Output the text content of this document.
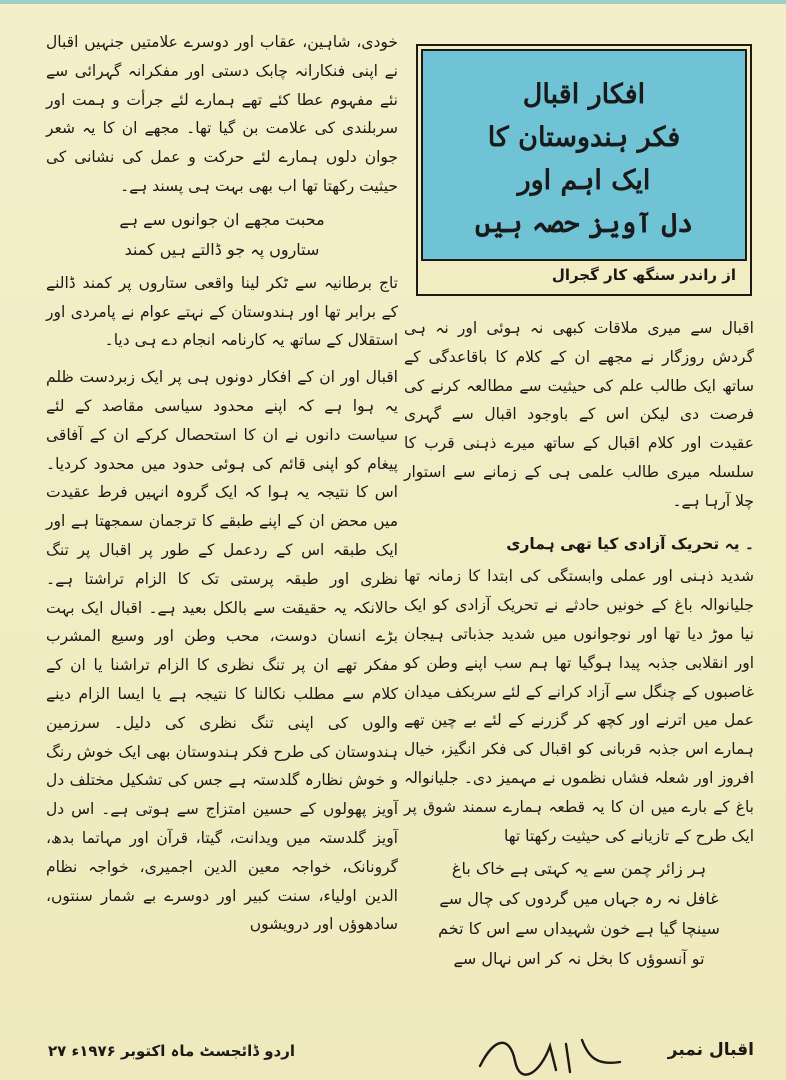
افکار اقبال
فکر ہندوستان کا
ایک اہم اور
دل آویز حصہ ہیں
از راندر سنگھ کار گجرال

خودی، شاہین، عقاب اور دوسرے علامتیں جنہیں اقبال نے اپنی فنکارانہ چابک دستی اور مفکرانہ گہرائی سے نئے مفہوم عطا کئے تھے ہمارے لئے جرأت و ہمت اور سربلندی کی علامت بن گیا تھا۔ مجھے ان کا یہ شعر جوان دلوں ہمارے لئے حرکت و عمل کی نشانی کی حیثیت رکھتا تھا اب بھی بہت ہی پسند ہے۔

محبت مجھے ان جوانوں سے ہے
ستاروں پہ جو ڈالتے ہیں کمند

تاج برطانیہ سے ٹکر لینا واقعی ستاروں پر کمند ڈالنے کے برابر تھا اور ہندوستان کے نہتے عوام نے پامردی اور استقلال کے ساتھ یہ کارنامہ انجام دے ہی دیا۔

اقبال اور ان کے افکار دونوں ہی پر ایک زبردست ظلم یہ ہوا ہے کہ اپنے محدود سیاسی مقاصد کے لئے سیاست دانوں نے ان کا استحصال کرکے ان کے آفاقی پیغام کو اپنی قائم کی ہوئی حدود میں محدود کردیا۔ اس کا نتیجہ یہ ہوا کہ ایک گروہ انہیں فرط عقیدت میں محض ان کے اپنے طبقے کا ترجمان سمجھتا ہے اور ایک طبقہ اس کے ردعمل کے طور پر اقبال پر تنگ نظری اور طبقہ پرستی تک کا الزام تراشتا ہے۔ حالانکہ یہ حقیقت سے بالکل بعید ہے۔ اقبال ایک بہت بڑے انسان دوست، محب وطن اور وسیع المشرب مفکر تھے ان پر تنگ نظری کا الزام تراشنا یا ان کے کلام سے مطلب نکالنا کا نتیجہ ہے یا ایسا الزام دینے والوں کی اپنی تنگ نظری کی دلیل۔ سرزمین ہندوستان کی طرح فکر ہندوستان بھی ایک خوش رنگ و خوش نظارہ گلدستہ ہے جس کی تشکیل مختلف دل آویز پھولوں کے حسین امتزاج سے ہوتی ہے۔ اس دل آویز گلدستہ میں ویدانت، گیتا، قرآن اور مہاتما بدھ، گرونانک، خواجہ معین الدین اجمیری، خواجہ نظام الدین اولیاء، سنت کبیر اور دوسرے بے شمار سنتوں، سادھوؤں اور درویشوں

اقبال سے میری ملاقات کبھی نہ ہوئی اور نہ ہی گردش روزگار نے مجھے ان کے کلام کا باقاعدگی کے ساتھ ایک طالب علم کی حیثیت سے مطالعہ کرنے کی فرصت دی لیکن اس کے باوجود اقبال سے گہری عقیدت اور کلام اقبال کے ساتھ میرے ذہنی قرب کا سلسلہ میری طالب علمی ہی کے زمانے سے استوار چلا آرہا ہے۔

۔ یہ تحریک آزادی کیا تھی ہماری

شدید ذہنی اور عملی وابستگی کی ابتدا کا زمانہ تھا جلیانوالہ باغ کے خونیں حادثے نے تحریک آزادی کو ایک نیا موڑ دیا تھا اور نوجوانوں میں شدید جذباتی ہیجان اور انقلابی جذبہ پیدا ہوگیا تھا ہم سب اپنے وطن کو غاصبوں کے چنگل سے آزاد کرانے کے لئے سربکف میدان عمل میں اترنے اور کچھ کر گزرنے کے لئے بے چین تھے ہمارے اس جذبہ قربانی کو اقبال کی فکر انگیز، خیال افروز اور شعلہ فشاں نظموں نے مہمیز دی۔ جلیانوالہ باغ کے بارے میں ان کا یہ قطعہ ہمارے سمند شوق پر ایک طرح کے تازیانے کی حیثیت رکھتا تھا

ہر زائر چمن سے یہ کہتی ہے خاک باغ
غافل نہ رہ جہاں میں گردوں کی چال سے
سینچا گیا ہے خون شہیداں سے اس کا تخم
تو آنسوؤں کا بخل نہ کر اس نہال سے
اردو ڈائجسٹ ماہ اکتوبر ۱۹۷۶ء ۲۷	اقبال نمبر
